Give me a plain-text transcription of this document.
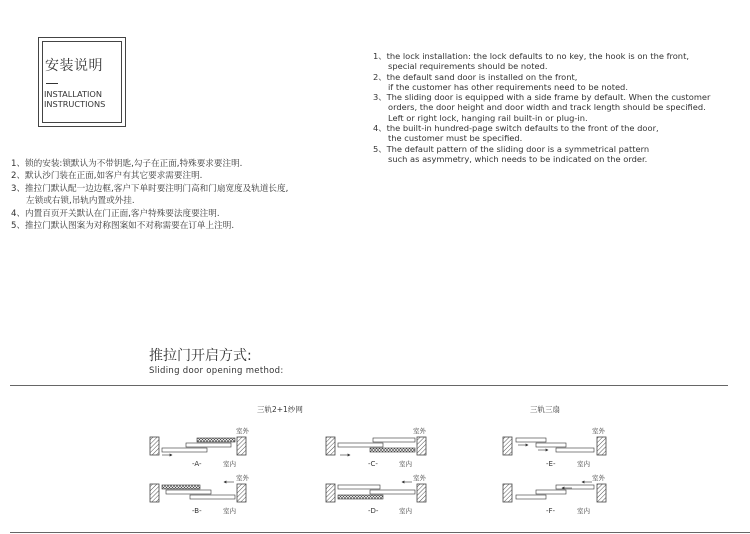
安装说明
INSTALLATION
INSTRUCTIONS
1、the lock installation: the lock defaults to no key, the hook is on the front,
special requirements should be noted.
2、the default sand door is installed on the front,
if the customer has other requirements need to be noted.
3、The sliding door is equipped with a side frame by default. When the customer
orders, the door height and door width and track length should be specified.
Left or right lock, hanging rail built-in or plug-in.
4、the built-in hundred-page switch defaults to the front of the door,
the customer must be specified.
5、The default pattern of the sliding door is a symmetrical pattern
such as asymmetry, which needs to be indicated on the order.
1、锁的安装:锁默认为不带钥匙,勾子在正面,特殊要求要注明.
2、默认沙门装在正面,如客户有其它要求需要注明.
3、推拉门默认配一边边框,客户下单时要注明门高和门扇宽度及轨道长度,
左锁或右锁,吊轨内置或外挂.
4、内置百页开关默认在门正面,客户特殊要法度要注明.
5、推拉门默认图案为对称图案如不对称需要在订单上注明.
推拉门开启方式:
Sliding door opening method:
三轨2+1纱网	三轨三扇
-A-
室外
室内
-B-
室外
室内
-C-
室外
室内
-D-
室外
室内
-E-
室外
室内
-F-
室外
室内
